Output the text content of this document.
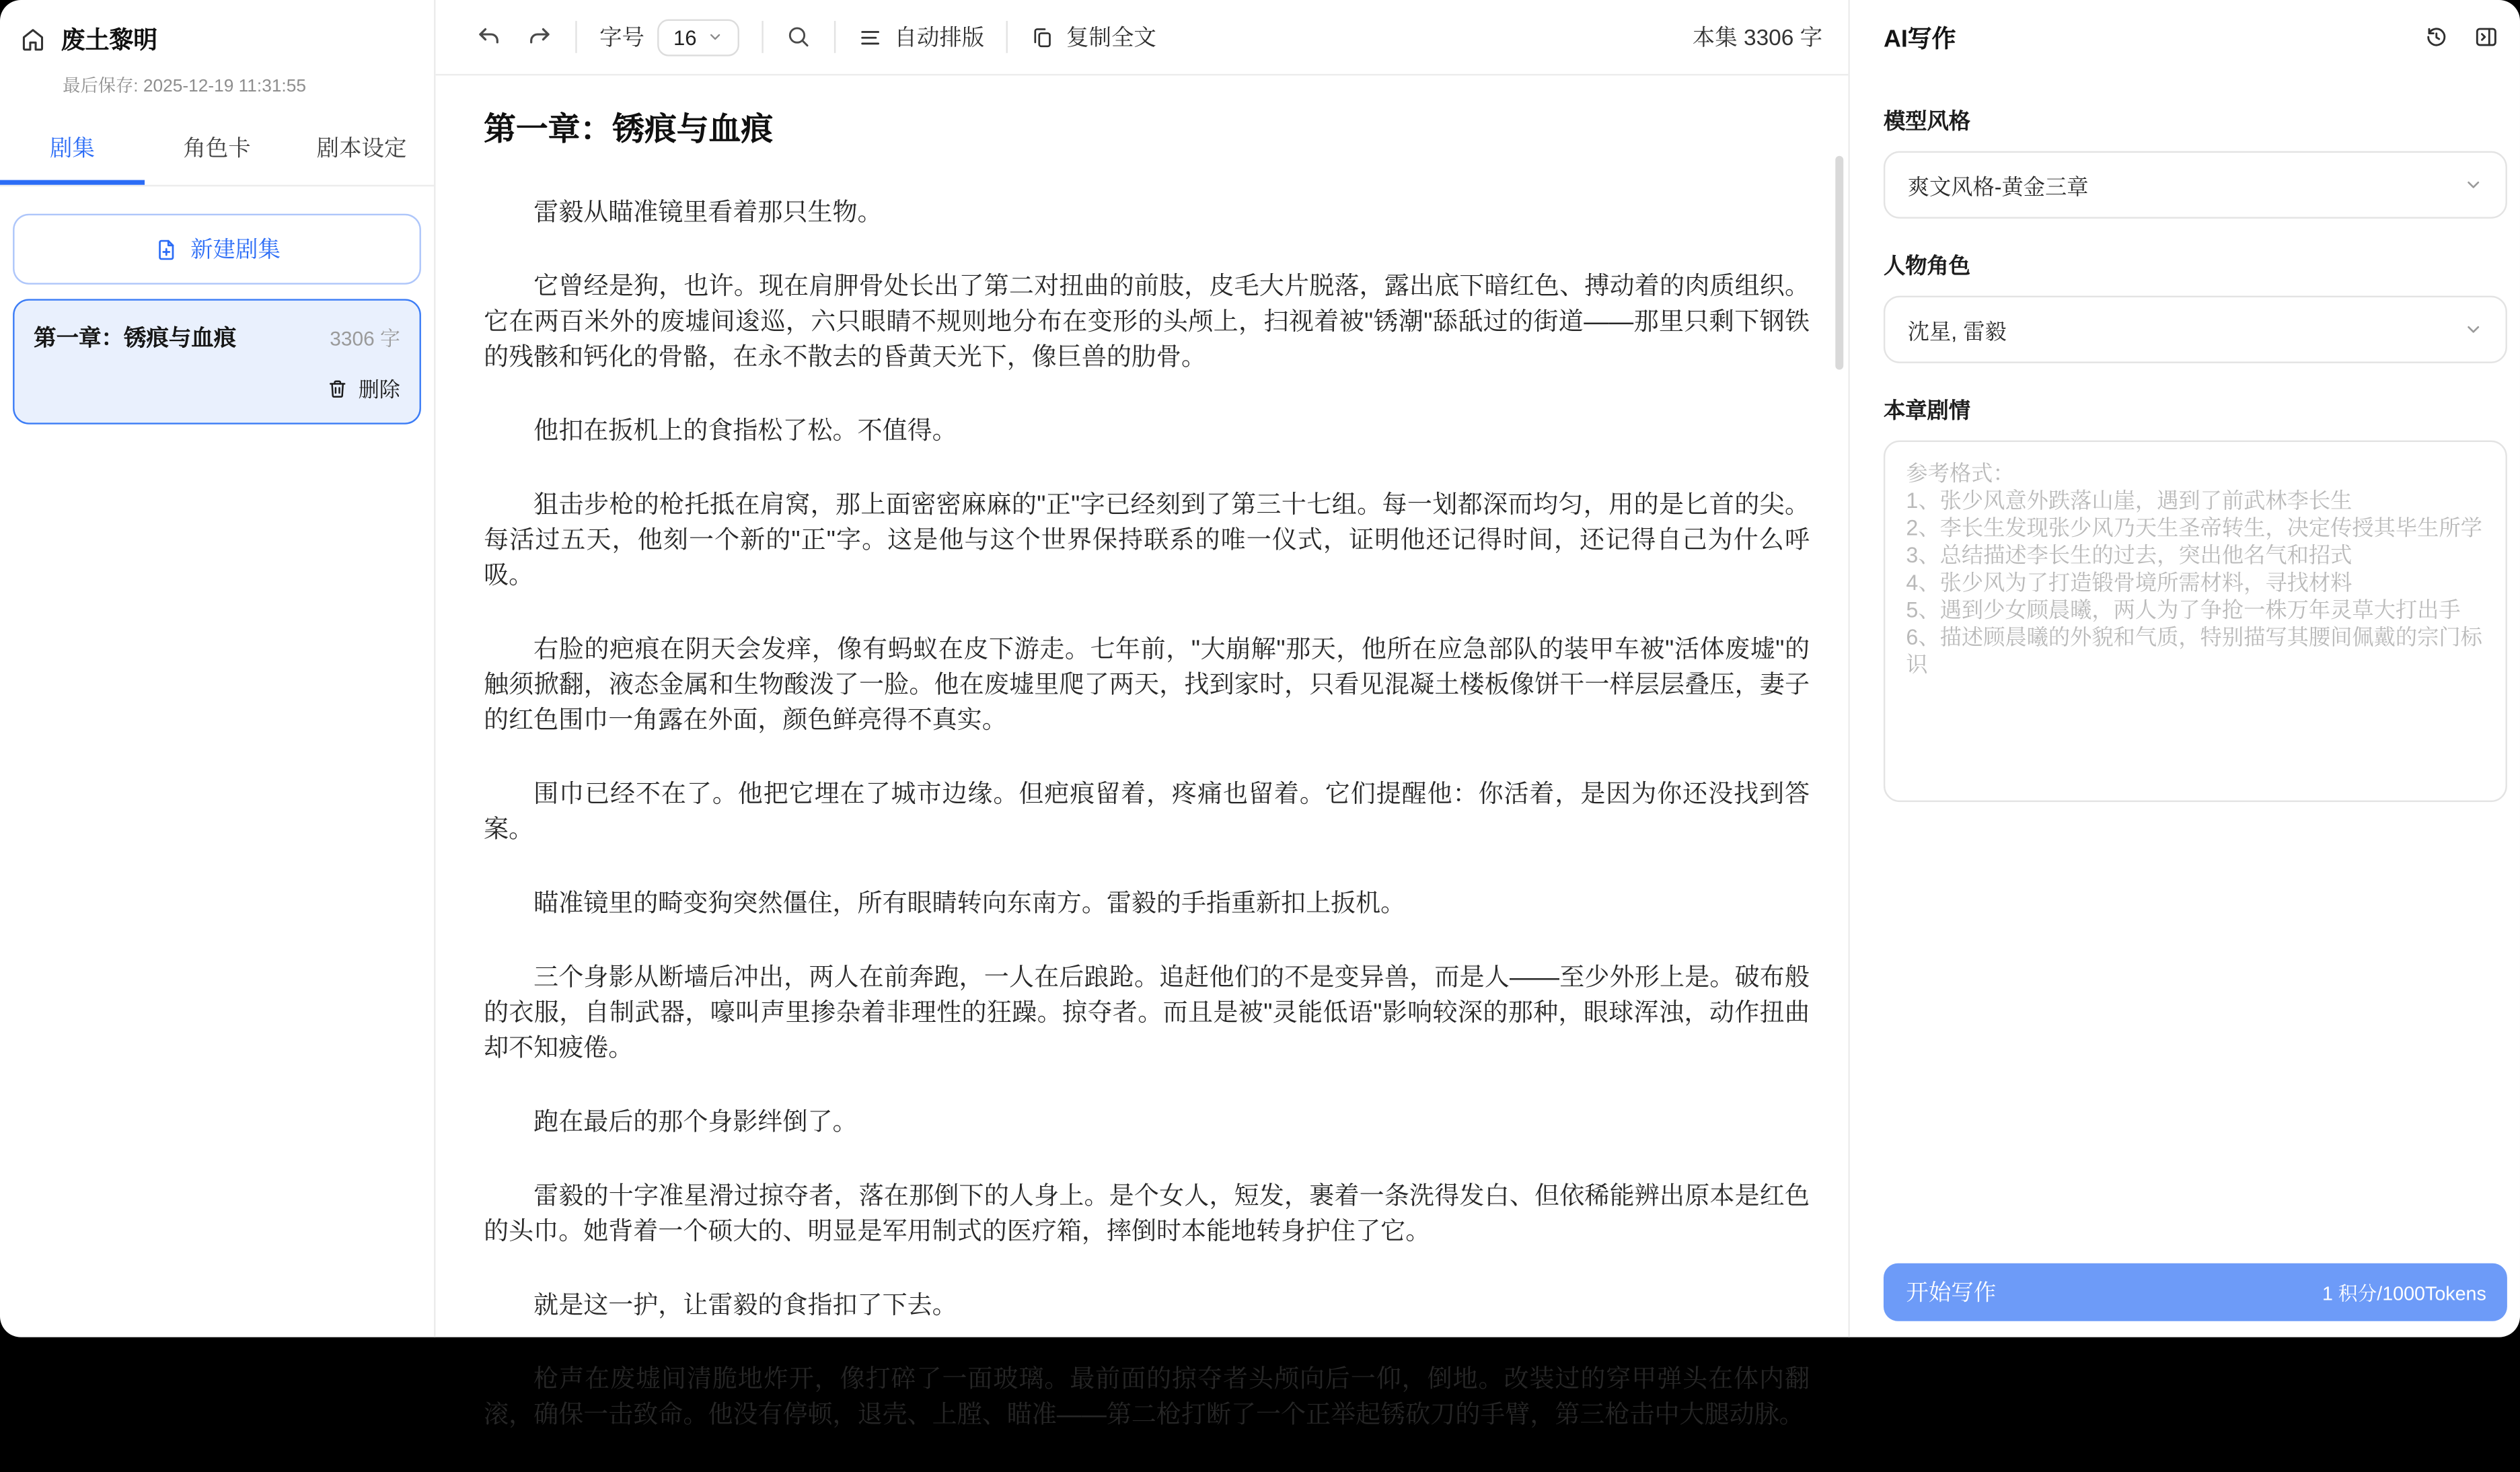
废土黎明
最后保存: 2025-12-19 11:31:55
剧集	角色卡	剧本设定
新建剧集
第一章：锈痕与血痕	3306 字
删除
字号	16	自动排版	复制全文	本集 3306 字
第一章：锈痕与血痕

雷毅从瞄准镜里看着那只生物。

它曾经是狗，也许。现在肩胛骨处长出了第二对扭曲的前肢，皮毛大片脱落，露出底下暗红色、搏动着的肉质组织。它在两百米外的废墟间逡巡，六只眼睛不规则地分布在变形的头颅上，扫视着被"锈潮"舔舐过的街道——那里只剩下钢铁的残骸和钙化的骨骼，在永不散去的昏黄天光下，像巨兽的肋骨。

他扣在扳机上的食指松了松。不值得。

狙击步枪的枪托抵在肩窝，那上面密密麻麻的"正"字已经刻到了第三十七组。每一划都深而均匀，用的是匕首的尖。每活过五天，他刻一个新的"正"字。这是他与这个世界保持联系的唯一仪式，证明他还记得时间，还记得自己为什么呼吸。

右脸的疤痕在阴天会发痒，像有蚂蚁在皮下游走。七年前，"大崩解"那天，他所在应急部队的装甲车被"活体废墟"的触须掀翻，液态金属和生物酸泼了一脸。他在废墟里爬了两天，找到家时，只看见混凝土楼板像饼干一样层层叠压，妻子的红色围巾一角露在外面，颜色鲜亮得不真实。

围巾已经不在了。他把它埋在了城市边缘。但疤痕留着，疼痛也留着。它们提醒他：你活着，是因为你还没找到答案。

瞄准镜里的畸变狗突然僵住，所有眼睛转向东南方。雷毅的手指重新扣上扳机。

三个身影从断墙后冲出，两人在前奔跑，一人在后踉跄。追赶他们的不是变异兽，而是人——至少外形上是。破布般的衣服，自制武器，嚎叫声里掺杂着非理性的狂躁。掠夺者。而且是被"灵能低语"影响较深的那种，眼球浑浊，动作扭曲却不知疲倦。

跑在最后的那个身影绊倒了。

雷毅的十字准星滑过掠夺者，落在那倒下的人身上。是个女人，短发，裹着一条洗得发白、但依稀能辨出原本是红色的头巾。她背着一个硕大的、明显是军用制式的医疗箱，摔倒时本能地转身护住了它。

就是这一护，让雷毅的食指扣了下去。

枪声在废墟间清脆地炸开，像打碎了一面玻璃。最前面的掠夺者头颅向后一仰，倒地。改装过的穿甲弹头在体内翻滚，确保一击致命。他没有停顿，退壳、上膛、瞄准——第二枪打断了一个正举起锈砍刀的手臂，第三枪击中大腿动脉。

AI写作
模型风格
爽文风格-黄金三章
人物角色
沈星, 雷毅
本章剧情
参考格式： 1、张少风意外跌落山崖，遇到了前武林李长生 2、李长生发现张少风乃天生圣帝转生，决定传授其毕生所学 3、总结描述李长生的过去，突出他名气和招式 4、张少风为了打造锻骨境所需材料，寻找材料 5、遇到少女顾晨曦，两人为了争抢一株万年灵草大打出手 6、描述顾晨曦的外貌和气质，特别描写其腰间佩戴的宗门标识
开始写作	1 积分/1000Tokens
